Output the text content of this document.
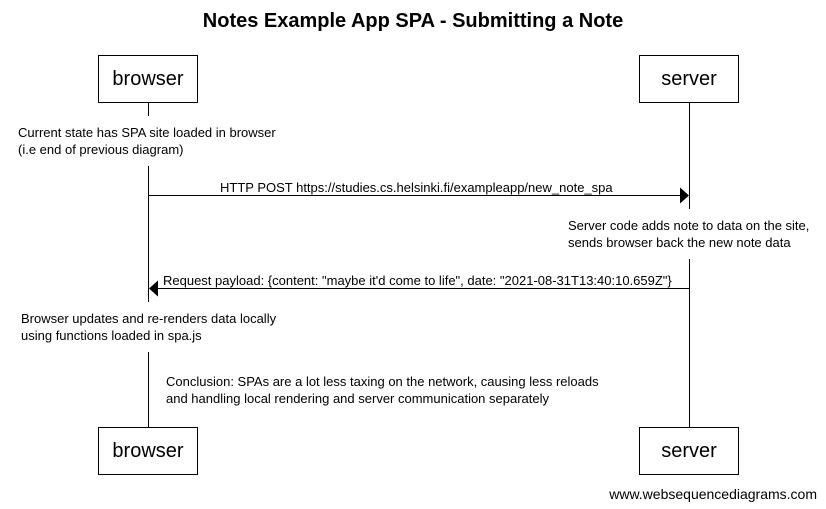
Notes Example App SPA - Submitting a Note
browser	server
browser	server
Current state has SPA site loaded in browser
(i.e end of previous diagram)
HTTP POST https://studies.cs.helsinki.fi/exampleapp/new_note_spa
Server code adds note to data on the site,
sends browser back the new note data
Request payload: {content: "maybe it'd come to life", date: "2021-08-31T13:40:10.659Z"}
Browser updates and re-renders data locally
using functions loaded in spa.js
Conclusion: SPAs are a lot less taxing on the network, causing less reloads
and handling local rendering and server communication separately
www.websequencediagrams.com
